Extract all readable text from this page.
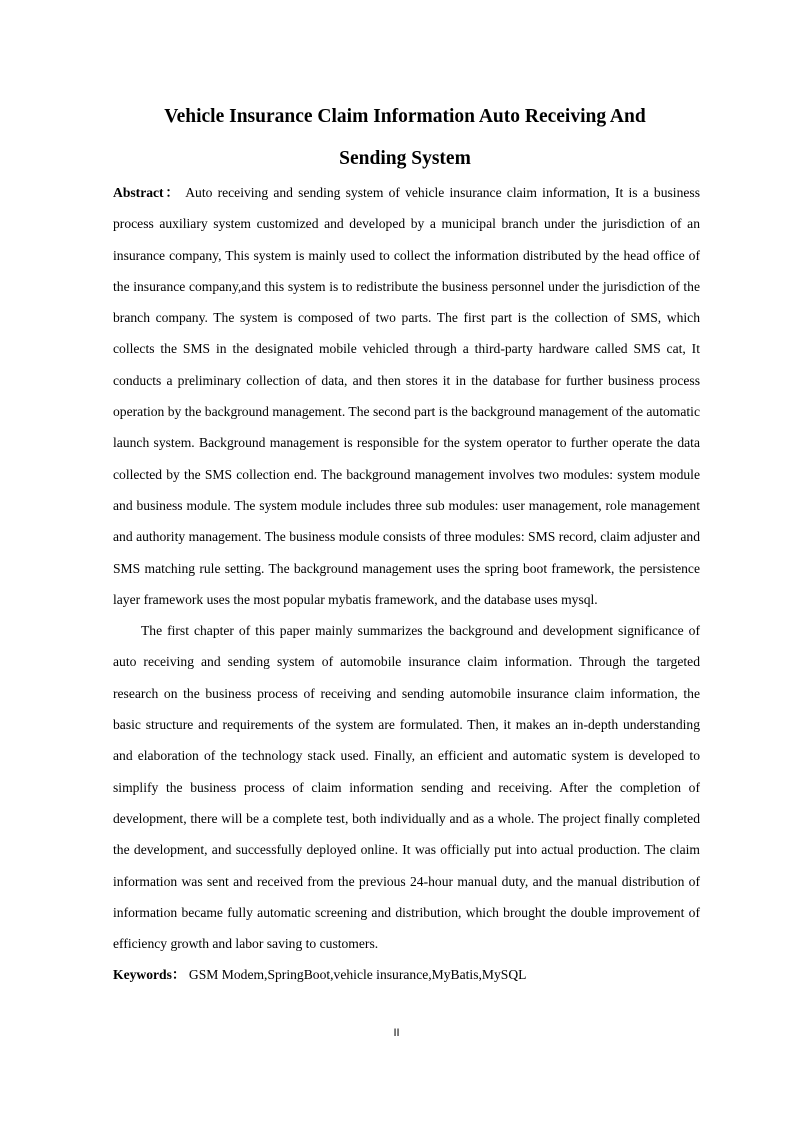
Vehicle Insurance Claim Information Auto Receiving And
Sending System

Abstract： Auto receiving and sending system of vehicle insurance claim information, It is a business process auxiliary system customized and developed by a municipal branch under the jurisdiction of an insurance company, This system is mainly used to collect the information distributed by the head office of the insurance company,and this system is to redistribute the business personnel under the jurisdiction of the branch company. The system is composed of two parts. The first part is the collection of SMS, which collects the SMS in the designated mobile vehicled through a third-party hardware called SMS cat, It conducts a preliminary collection of data, and then stores it in the database for further business process operation by the background management. The second part is the background management of the automatic launch system. Background management is responsible for the system operator to further operate the data collected by the SMS collection end. The background management involves two modules: system module and business module. The system module includes three sub modules: user management, role management and authority management. The business module consists of three modules: SMS record, claim adjuster and SMS matching rule setting. The background management uses the spring boot framework, the persistence layer framework uses the most popular mybatis framework, and the database uses mysql.

The first chapter of this paper mainly summarizes the background and development significance of auto receiving and sending system of automobile insurance claim information. Through the targeted research on the business process of receiving and sending automobile insurance claim information, the basic structure and requirements of the system are formulated. Then, it makes an in-depth understanding and elaboration of the technology stack used. Finally, an efficient and automatic system is developed to simplify the business process of claim information sending and receiving. After the completion of development, there will be a complete test, both individually and as a whole. The project finally completed the development, and successfully deployed online. It was officially put into actual production. The claim information was sent and received from the previous 24-hour manual duty, and the manual distribution of information became fully automatic screening and distribution, which brought the double improvement of efficiency growth and labor saving to customers.

Keywords： GSM Modem,SpringBoot,vehicle insurance,MyBatis,MySQL

II
